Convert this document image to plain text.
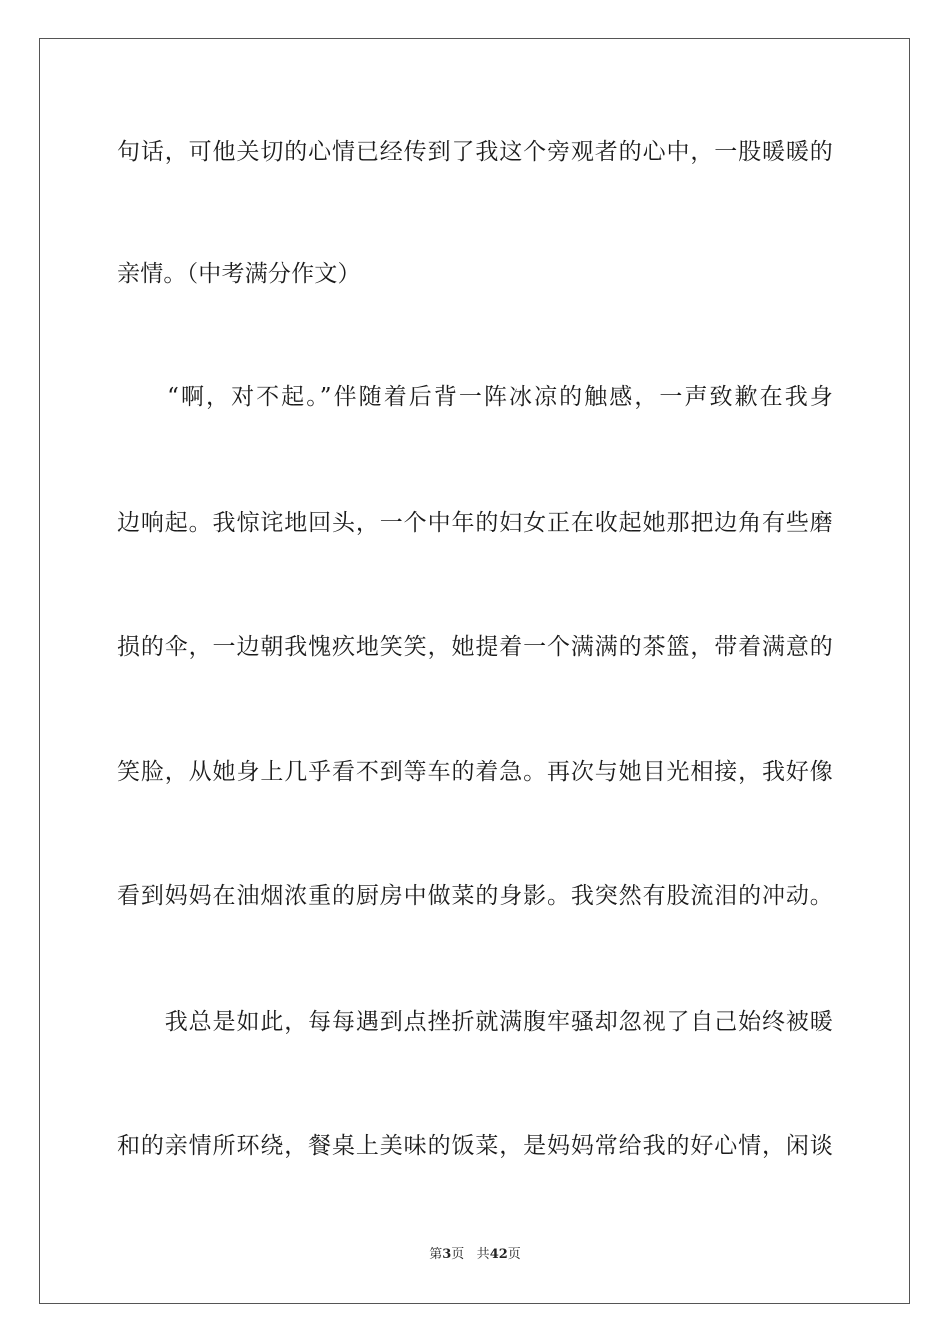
句话，可他关切的心情已经传到了我这个旁观者的心中，一股暖暖的
亲情。（中考满分作文）
　　“啊，对不起。”伴随着后背一阵冰凉的触感，一声致歉在我身
边响起。我惊诧地回头，一个中年的妇女正在收起她那把边角有些磨
损的伞，一边朝我愧疚地笑笑，她提着一个满满的茶篮，带着满意的
笑脸，从她身上几乎看不到等车的着急。再次与她目光相接，我好像
看到妈妈在油烟浓重的厨房中做菜的身影。我突然有股流泪的冲动。
　　我总是如此，每每遇到点挫折就满腹牢骚却忽视了自己始终被暖
和的亲情所环绕，餐桌上美味的饭菜，是妈妈常给我的好心情，闲谈
第3页 共42页
